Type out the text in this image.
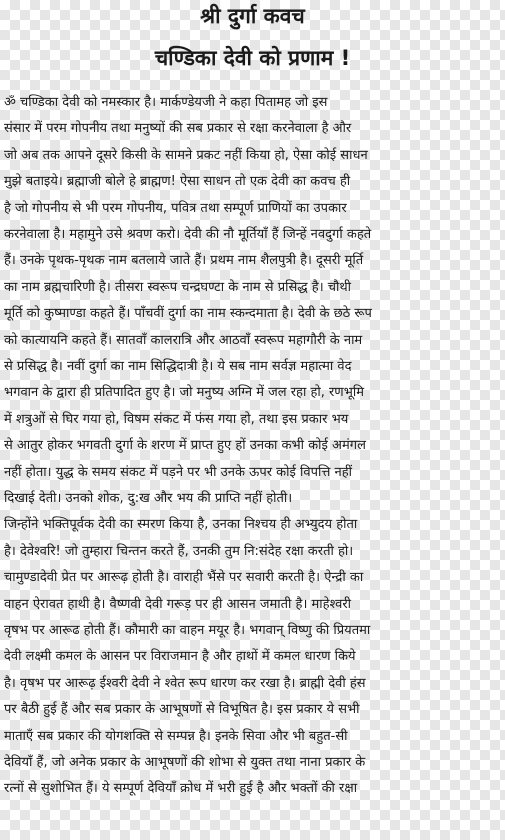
श्री दुर्गा कवच
चण्डिका देवी को प्रणाम !
ॐ चण्डिका देवी को नमस्कार है। मार्कण्डेयजी ने कहा पितामह जो इस
संसार में परम गोपनीय तथा मनुष्यों की सब प्रकार से रक्षा करनेवाला है और
जो अब तक आपने दूसरे किसी के सामने प्रकट नहीं किया हो, ऐसा कोई साधन
मुझे बताइये। ब्रह्माजी बोले हे ब्राह्मण! ऐसा साधन तो एक देवी का कवच ही
है जो गोपनीय से भी परम गोपनीय, पवित्र तथा सम्पूर्ण प्राणियों का उपकार
करनेवाला है। महामुने उसे श्रवण करो। देवी की नौ मूर्तियाँ हैं जिन्हें नवदुर्गा कहते
हैं। उनके पृथक-पृथक नाम बतलाये जाते हैं। प्रथम नाम शैलपुत्री है। दूसरी मूर्ति
का नाम ब्रह्मचारिणी है। तीसरा स्वरूप चन्द्रघण्टा के नाम से प्रसिद्ध है। चौथी
मूर्ति को कुष्माण्डा कहते हैं। पाँचवीं दुर्गा का नाम स्कन्दमाता है। देवी के छठे रूप
को कात्यायनि कहते हैं। सातवाँ कालरात्रि और आठवाँ स्वरूप महागौरी के नाम
से प्रसिद्ध है। नवीं दुर्गा का नाम सिद्धिदात्री है। ये सब नाम सर्वज्ञ महात्मा वेद
भगवान के द्वारा ही प्रतिपादित हुए है। जो मनुष्य अग्नि में जल रहा हो, रणभूमि
में शत्रुओं से घिर गया हो, विषम संकट में फंस गया हो, तथा इस प्रकार भय
से आतुर होकर भगवती दुर्गा के शरण में प्राप्त हुए हों उनका कभी कोई अमंगल
नहीं होता। युद्ध के समय संकट में पड़ने पर भी उनके ऊपर कोई विपत्ति नहीं
दिखाई देती। उनको शोक, दु:ख और भय की प्राप्ति नहीं होती।
जिन्होंने भक्तिपूर्वक देवी का स्मरण किया है, उनका निश्चय ही अभ्युदय होता
है। देवेश्वरि! जो तुम्हारा चिन्तन करते हैं, उनकी तुम नि:संदेह रक्षा करती हो।
चामुण्डादेवी प्रेत पर आरूढ़ होती है। वाराही भैंसे पर सवारी करती है। ऐन्द्री का
वाहन ऐरावत हाथी है। वैष्णवी देवी गरूड़ पर ही आसन जमाती है। माहेश्वरी
वृषभ पर आरूढ होती हैं। कौमारी का वाहन मयूर है। भगवान् विष्णु की प्रियतमा
देवी लक्ष्मी कमल के आसन पर विराजमान है और हाथों में कमल धारण किये
है। वृषभ पर आरूढ़ ईश्वरी देवी ने श्वेत रूप धारण कर रखा है। ब्राह्मी देवी हंस
पर बैठी हुई हैं और सब प्रकार के आभूषणों से विभूषित है। इस प्रकार ये सभी
माताएँ सब प्रकार की योगशक्ति से सम्पन्न है। इनके सिवा और भी बहुत-सी
देवियाँ हैं, जो अनेक प्रकार के आभूषणों की शोभा से युक्त तथा नाना प्रकार के
रत्नों से सुशोभित हैं। ये सम्पूर्ण देवियाँ क्रोध में भरी हुई है और भक्तों की रक्षा
